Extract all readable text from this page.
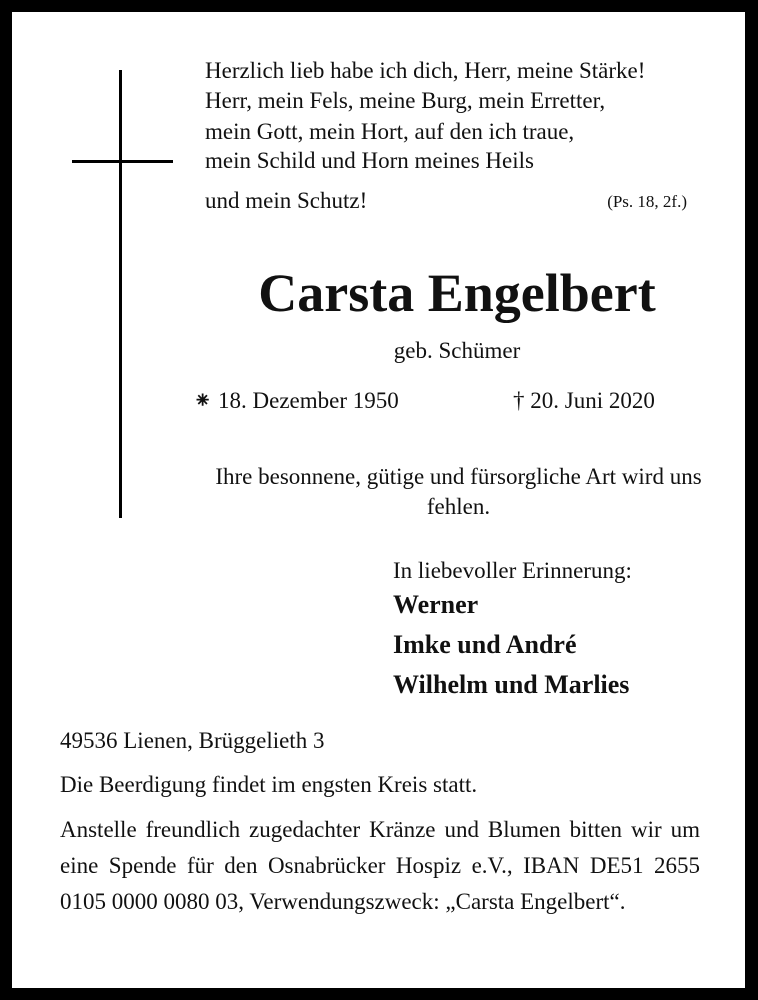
Herzlich lieb habe ich dich, Herr, meine Stärke!
Herr, mein Fels, meine Burg, mein Erretter,
mein Gott, mein Hort, auf den ich traue,
mein Schild und Horn meines Heils
und mein Schutz!	(Ps. 18, 2f.)
Carsta Engelbert
geb. Schümer
⁕ 18. Dezember 1950	† 20. Juni 2020
Ihre besonnene, gütige und fürsorgliche Art wird uns fehlen.
In liebevoller Erinnerung:
Werner
Imke und André
Wilhelm und Marlies
49536 Lienen, Brüggelieth 3
Die Beerdigung findet im engsten Kreis statt.
Anstelle freundlich zugedachter Kränze und Blumen bitten wir um eine Spende für den Osnabrücker Hospiz e.V., IBAN DE51 2655 0105 0000 0080 03, Verwendungszweck: „Carsta Engelbert“.
